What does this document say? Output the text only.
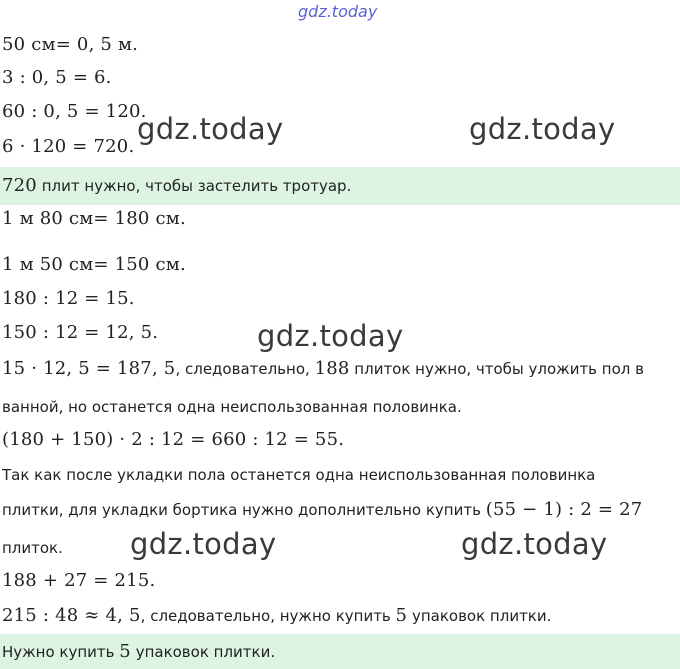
gdz.today
50 см= 0, 5 м.
3 : 0, 5 = 6.
60 : 0, 5 = 120.
6 · 120 = 720.
720 плит нужно, чтобы застелить тротуар.
1 м 80 см= 180 см.
1 м 50 см= 150 см.
180 : 12 = 15.
150 : 12 = 12, 5.
15 · 12, 5 = 187, 5, следовательно, 188 плиток нужно, чтобы уложить пол в
ванной, но останется одна неиспользованная половинка.
(180 + 150) · 2 : 12 = 660 : 12 = 55.
Так как после укладки пола останется одна неиспользованная половинка
плитки, для укладки бортика нужно дополнительно купить (55 − 1) : 2 = 27
плиток.
188 + 27 = 215.
215 : 48 ≈ 4, 5, следовательно, нужно купить 5 упаковок плитки.
Нужно купить 5 упаковок плитки.
gdz.today	gdz.today
gdz.today
gdz.today	gdz.today
